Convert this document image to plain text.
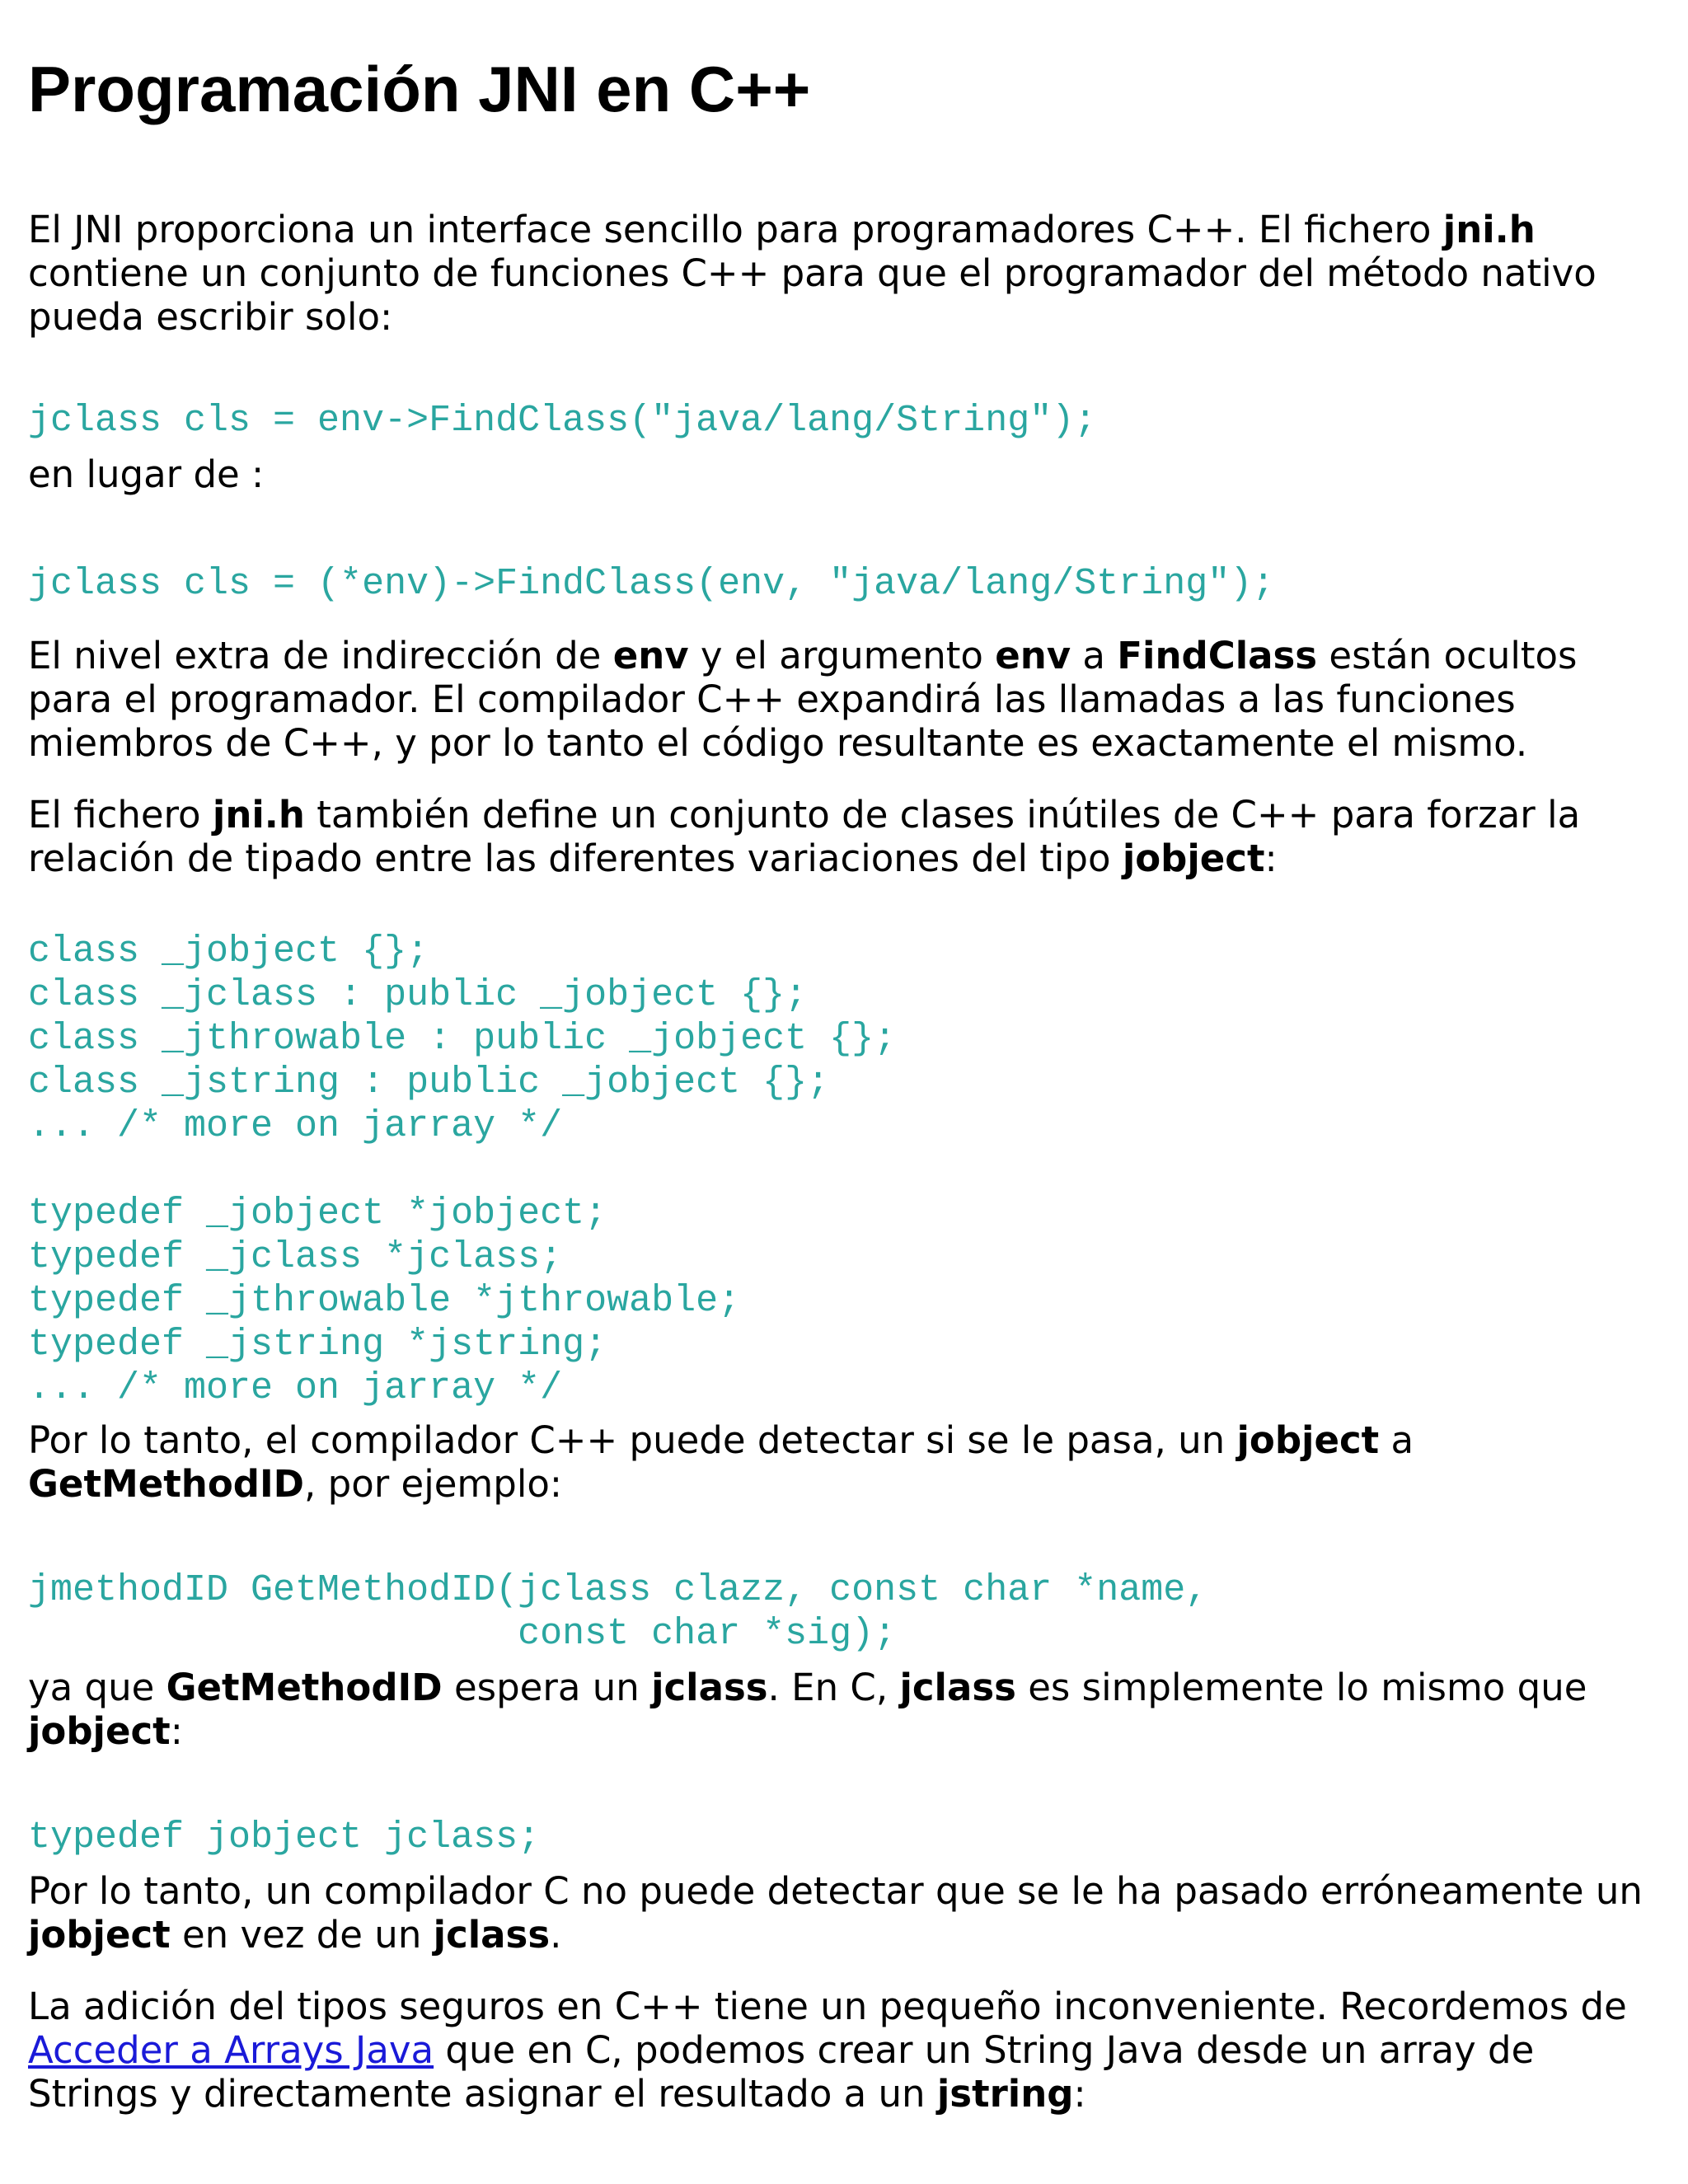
Programación JNI en C++

El JNI proporciona un interface sencillo para programadores C++. El fichero jni.h contiene un conjunto de funciones C++ para que el programador del método nativo pueda escribir solo:

jclass cls = env->FindClass("java/lang/String");

en lugar de :

jclass cls = (*env)->FindClass(env, "java/lang/String");

El nivel extra de indirección de env y el argumento env a FindClass están ocultos para el programador. El compilador C++ expandirá las llamadas a las funciones miembros de C++, y por lo tanto el código resultante es exactamente el mismo.

El fichero jni.h también define un conjunto de clases inútiles de C++ para forzar la relación de tipado entre las diferentes variaciones del tipo jobject:

class _jobject {};
class _jclass : public _jobject {};
class _jthrowable : public _jobject {};
class _jstring : public _jobject {};
... /* more on jarray */

typedef _jobject *jobject;
typedef _jclass *jclass;
typedef _jthrowable *jthrowable;
typedef _jstring *jstring;
... /* more on jarray */

Por lo tanto, el compilador C++ puede detectar si se le pasa, un jobject a GetMethodID, por ejemplo:

jmethodID GetMethodID(jclass clazz, const char *name,
const char *sig);

ya que GetMethodID espera un jclass. En C, jclass es simplemente lo mismo que jobject:

typedef jobject jclass;

Por lo tanto, un compilador C no puede detectar que se le ha pasado erróneamente un jobject en vez de un jclass.

La adición del tipos seguros en C++ tiene un pequeño inconveniente. Recordemos de Acceder a Arrays Java que en C, podemos crear un String Java desde un array de Strings y directamente asignar el resultado a un jstring:
